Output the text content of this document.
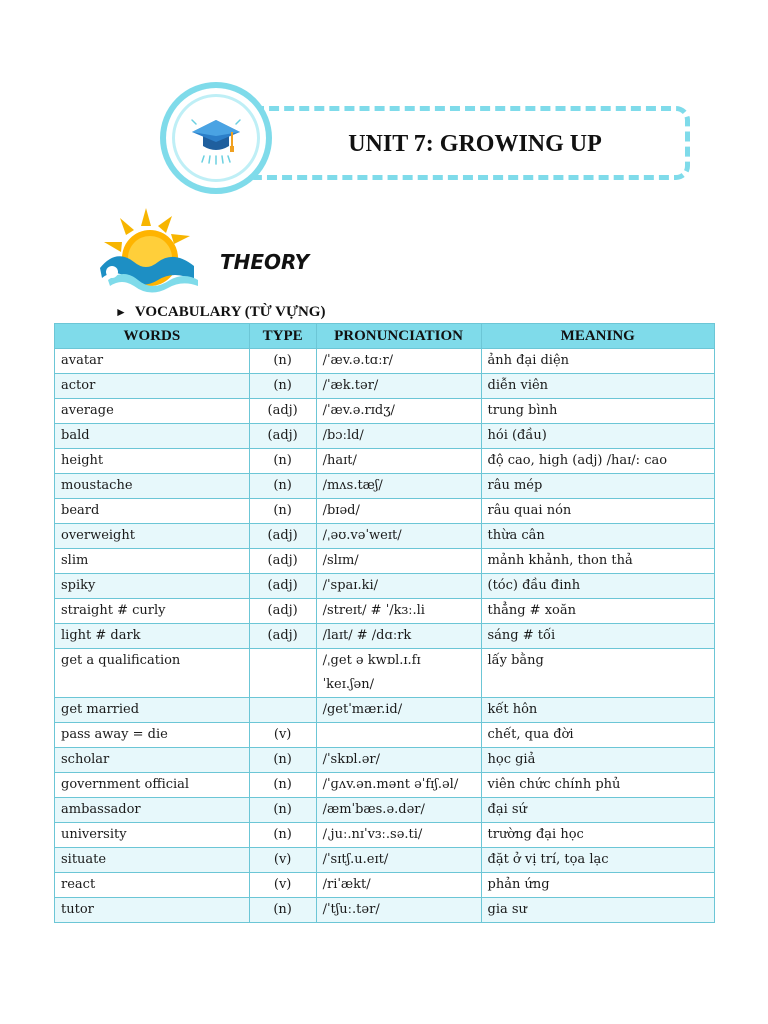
UNIT 7: GROWING UP
THEORY
► VOCABULARY (TỪ VỰNG)
WORDS	TYPE	PRONUNCIATION	MEANING
avatar	(n)	/ˈæv.ə.tɑːr/	ảnh đại diện
actor	(n)	/ˈæk.tər/	diễn viên
average	(adj)	/ˈæv.ə.rɪdʒ/	trung bình
bald	(adj)	/bɔːld/	hói (đầu)
height	(n)	/haɪt/	độ cao, high (adj) /haɪ/: cao
moustache	(n)	/mʌs.tæʃ/	râu mép
beard	(n)	/bɪəd/	râu quai nón
overweight	(adj)	/ˌəʊ.vəˈweɪt/	thừa cân
slim	(adj)	/slɪm/	mảnh khảnh, thon thả
spiky	(adj)	/ˈspaɪ.ki/	(tóc) đầu đinh
straight # curly	(adj)	/streɪt/ # ˈ/kɜː.li	thẳng # xoăn
light # dark	(adj)	/laɪt/ # /dɑːrk	sáng # tối
get a qualification		/ˌget ə kwɒl.ɪ.fɪ ˈkeɪ.ʃən/	lấy bằng
get married		/getˈmær.id/	kết hôn
pass away = die	(v)		chết, qua đời
scholar	(n)	/ˈskɒl.ər/	học giả
government official	(n)	/ˈɡʌv.ən.mənt əˈfɪʃ.əl/	viên chức chính phủ
ambassador	(n)	/æmˈbæs.ə.dər/	đại sứ
university	(n)	/ˌjuː.nɪˈvɜː.sə.ti/	trường đại học
situate	(v)	/ˈsɪtʃ.u.eɪt/	đặt ở vị trí, tọa lạc
react	(v)	/riˈækt/	phản ứng
tutor	(n)	/ˈtʃuː.tər/	gia sư
